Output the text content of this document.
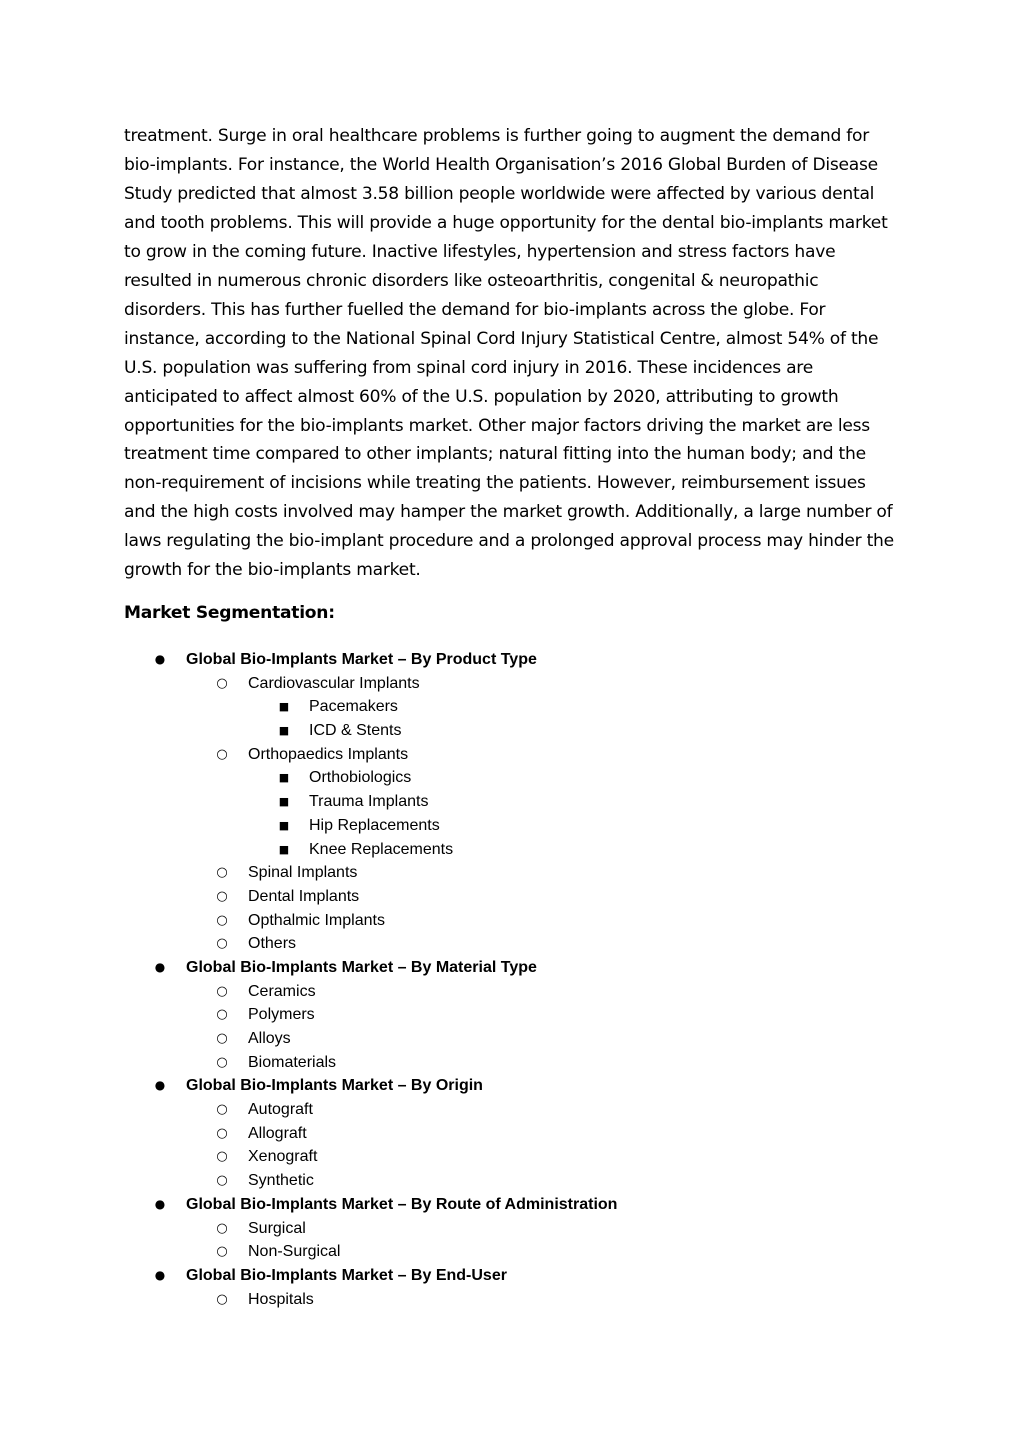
treatment. Surge in oral healthcare problems is further going to augment the demand for
bio-implants. For instance, the World Health Organisation’s 2016 Global Burden of Disease
Study predicted that almost 3.58 billion people worldwide were affected by various dental
and tooth problems. This will provide a huge opportunity for the dental bio-implants market
to grow in the coming future. Inactive lifestyles, hypertension and stress factors have
resulted in numerous chronic disorders like osteoarthritis, congenital & neuropathic
disorders. This has further fuelled the demand for bio-implants across the globe. For
instance, according to the National Spinal Cord Injury Statistical Centre, almost 54% of the
U.S. population was suffering from spinal cord injury in 2016. These incidences are
anticipated to affect almost 60% of the U.S. population by 2020, attributing to growth
opportunities for the bio-implants market. Other major factors driving the market are less
treatment time compared to other implants; natural fitting into the human body; and the
non-requirement of incisions while treating the patients. However, reimbursement issues
and the high costs involved may hamper the market growth. Additionally, a large number of
laws regulating the bio-implant procedure and a prolonged approval process may hinder the
growth for the bio-implants market.

Market Segmentation:
● Global Bio-Implants Market – By Product Type
○ Cardiovascular Implants
■ Pacemakers
■ ICD & Stents
○ Orthopaedics Implants
■ Orthobiologics
■ Trauma Implants
■ Hip Replacements
■ Knee Replacements
○ Spinal Implants
○ Dental Implants
○ Opthalmic Implants
○ Others
● Global Bio-Implants Market – By Material Type
○ Ceramics
○ Polymers
○ Alloys
○ Biomaterials
● Global Bio-Implants Market – By Origin
○ Autograft
○ Allograft
○ Xenograft
○ Synthetic
● Global Bio-Implants Market – By Route of Administration
○ Surgical
○ Non-Surgical
● Global Bio-Implants Market – By End-User
○ Hospitals
